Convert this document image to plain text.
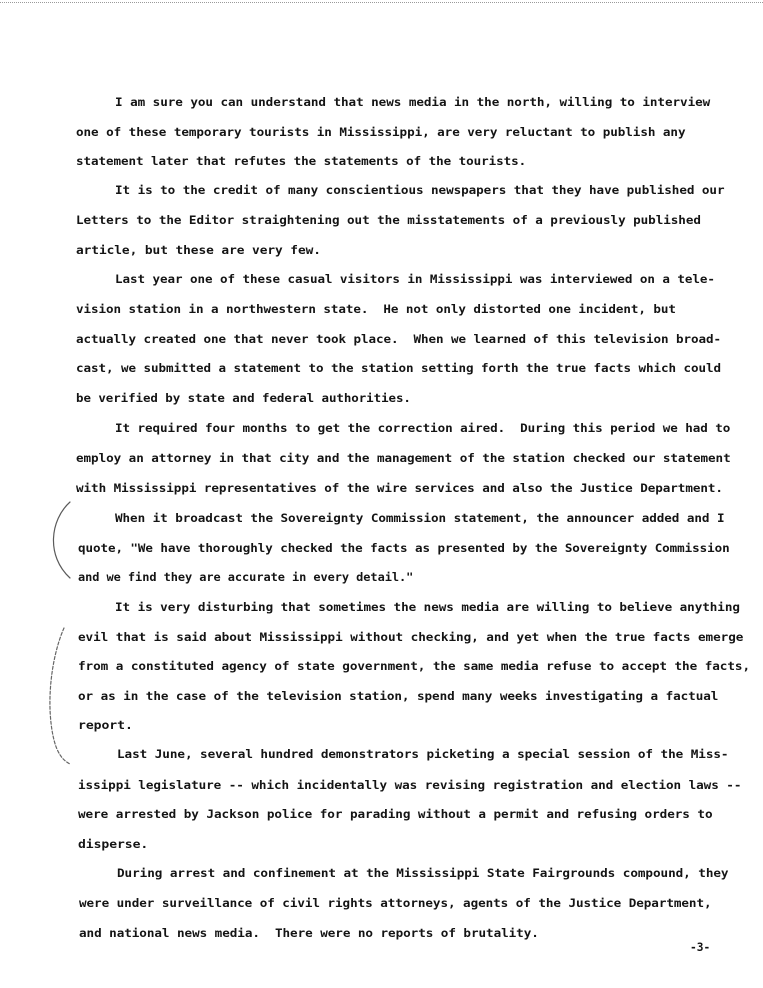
I am sure you can understand that news media in the north, willing to interview
one of these temporary tourists in Mississippi, are very reluctant to publish any
statement later that refutes the statements of the tourists.
It is to the credit of many conscientious newspapers that they have published our
Letters to the Editor straightening out the misstatements of a previously published
article, but these are very few.
Last year one of these casual visitors in Mississippi was interviewed on a tele-
vision station in a northwestern state.  He not only distorted one incident, but
actually created one that never took place.  When we learned of this television broad-
cast, we submitted a statement to the station setting forth the true facts which could
be verified by state and federal authorities.
It required four months to get the correction aired.  During this period we had to
employ an attorney in that city and the management of the station checked our statement
with Mississippi representatives of the wire services and also the Justice Department.
When it broadcast the Sovereignty Commission statement, the announcer added and I
quote, "We have thoroughly checked the facts as presented by the Sovereignty Commission
and we find they are accurate in every detail."
It is very disturbing that sometimes the news media are willing to believe anything
evil that is said about Mississippi without checking, and yet when the true facts emerge
from a constituted agency of state government, the same media refuse to accept the facts,
or as in the case of the television station, spend many weeks investigating a factual
report.
Last June, several hundred demonstrators picketing a special session of the Miss-
issippi legislature -- which incidentally was revising registration and election laws --
were arrested by Jackson police for parading without a permit and refusing orders to
disperse.
During arrest and confinement at the Mississippi State Fairgrounds compound, they
were under surveillance of civil rights attorneys, agents of the Justice Department,
and national news media.  There were no reports of brutality.
-3-
